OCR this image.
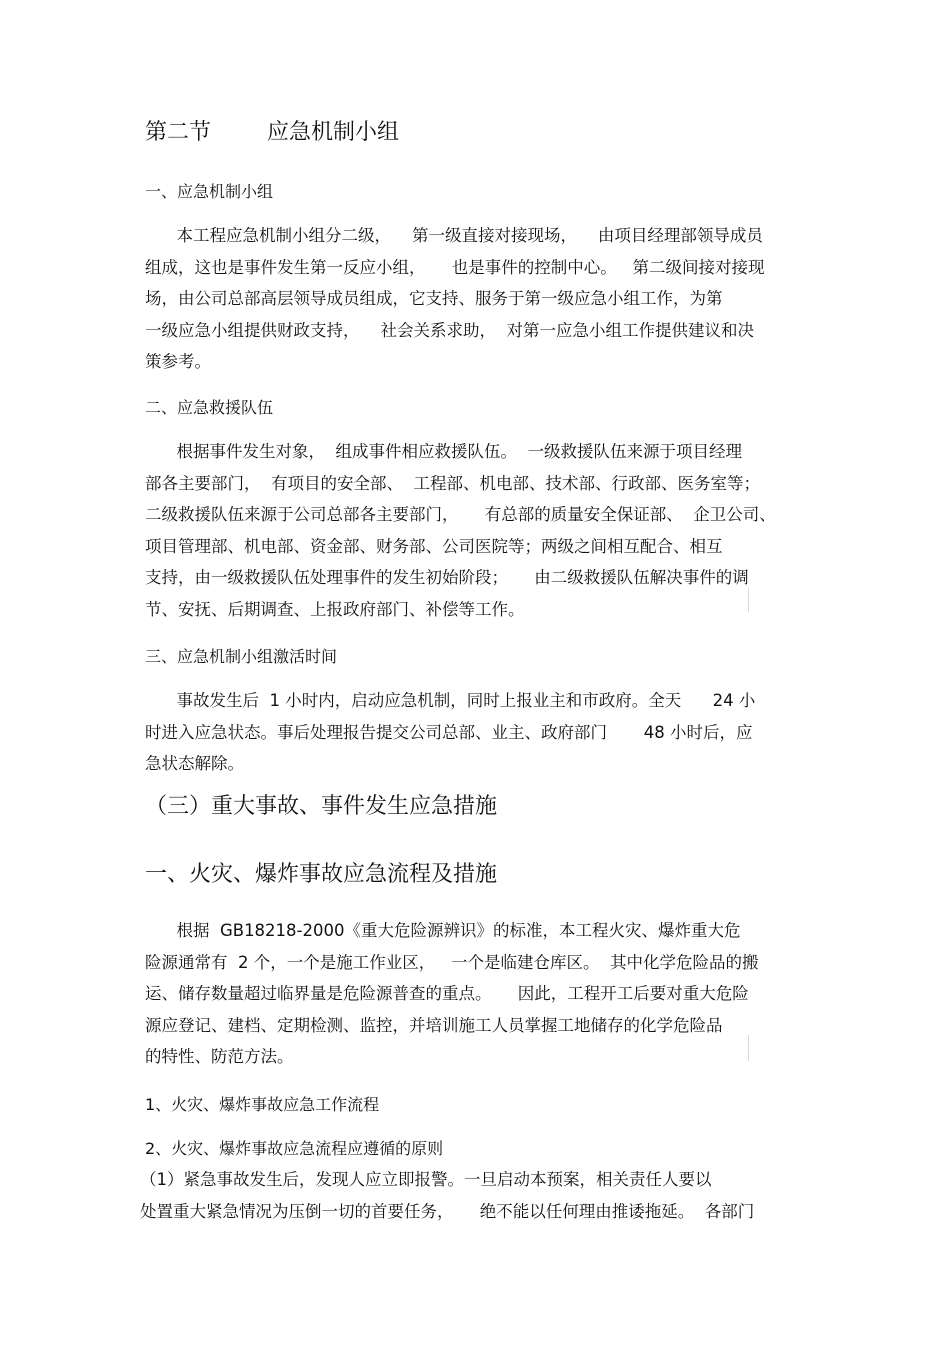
第二节        应急机制小组
一、应急机制小组
本工程应急机制小组分二级，    第一级直接对接现场，    由项目经理部领导成员
组成，这也是事件发生第一反应小组，     也是事件的控制中心。   第二级间接对接现
场，由公司总部高层领导成员组成，它支持、服务于第一级应急小组工作，为第
一级应急小组提供财政支持，    社会关系求助，  对第一应急小组工作提供建议和决
策参考。
二、应急救援队伍
根据事件发生对象，  组成事件相应救援队伍。  一级救援队伍来源于项目经理
部各主要部门，  有项目的安全部、  工程部、机电部、技术部、行政部、医务室等；
二级救援队伍来源于公司总部各主要部门，     有总部的质量安全保证部、  企卫公司、
项目管理部、机电部、资金部、财务部、公司医院等；两级之间相互配合、相互
支持，由一级救援队伍处理事件的发生初始阶段；     由二级救援队伍解决事件的调
节、安抚、后期调查、上报政府部门、补偿等工作。
三、应急机制小组激活时间
事故发生后  1 小时内，启动应急机制，同时上报业主和市政府。全天      24 小
时进入应急状态。事后处理报告提交公司总部、业主、政府部门       48 小时后，应
急状态解除。
（三）重大事故、事件发生应急措施
一、火灾、爆炸事故应急流程及措施
根据  GB18218-2000《重大危险源辨识》的标准，本工程火灾、爆炸重大危
险源通常有  2 个，一个是施工作业区，   一个是临建仓库区。  其中化学危险品的搬
运、储存数量超过临界量是危险源普查的重点。     因此，工程开工后要对重大危险
源应登记、建档、定期检测、监控，并培训施工人员掌握工地储存的化学危险品
的特性、防范方法。
1、火灾、爆炸事故应急工作流程
2、火灾、爆炸事故应急流程应遵循的原则
（1）紧急事故发生后，发现人应立即报警。一旦启动本预案，相关责任人要以
处置重大紧急情况为压倒一切的首要任务，     绝不能以任何理由推诿拖延。  各部门
